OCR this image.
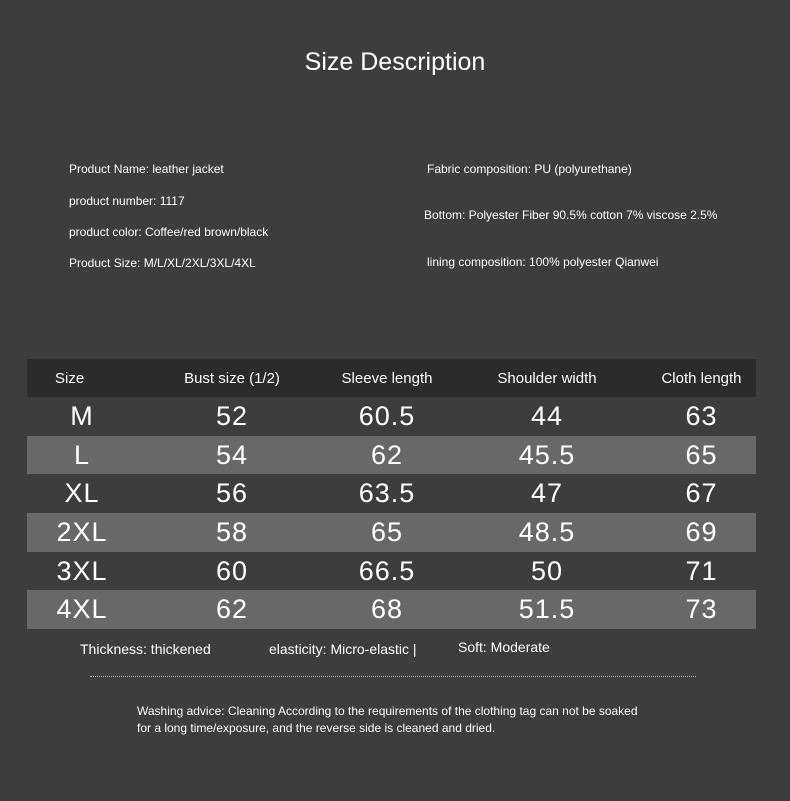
Size Description
Product Name: leather jacket
product number: 1117
product color: Coffee/red brown/black
Product Size: M/L/XL/2XL/3XL/4XL
Fabric composition: PU (polyurethane)
Bottom: Polyester Fiber 90.5% cotton 7% viscose 2.5%
lining composition: 100% polyester Qianwei
Size	Bust size (1/2)	Sleeve length	Shoulder width	Cloth length
M	52	60.5	44	63
L	54	62	45.5	65
XL	56	63.5	47	67
2XL	58	65	48.5	69
3XL	60	66.5	50	71
4XL	62	68	51.5	73
Thickness: thickened	elasticity: Micro-elastic |	Soft: Moderate
Washing advice: Cleaning According to the requirements of the clothing tag can not be soaked
for a long time/exposure, and the reverse side is cleaned and dried.
